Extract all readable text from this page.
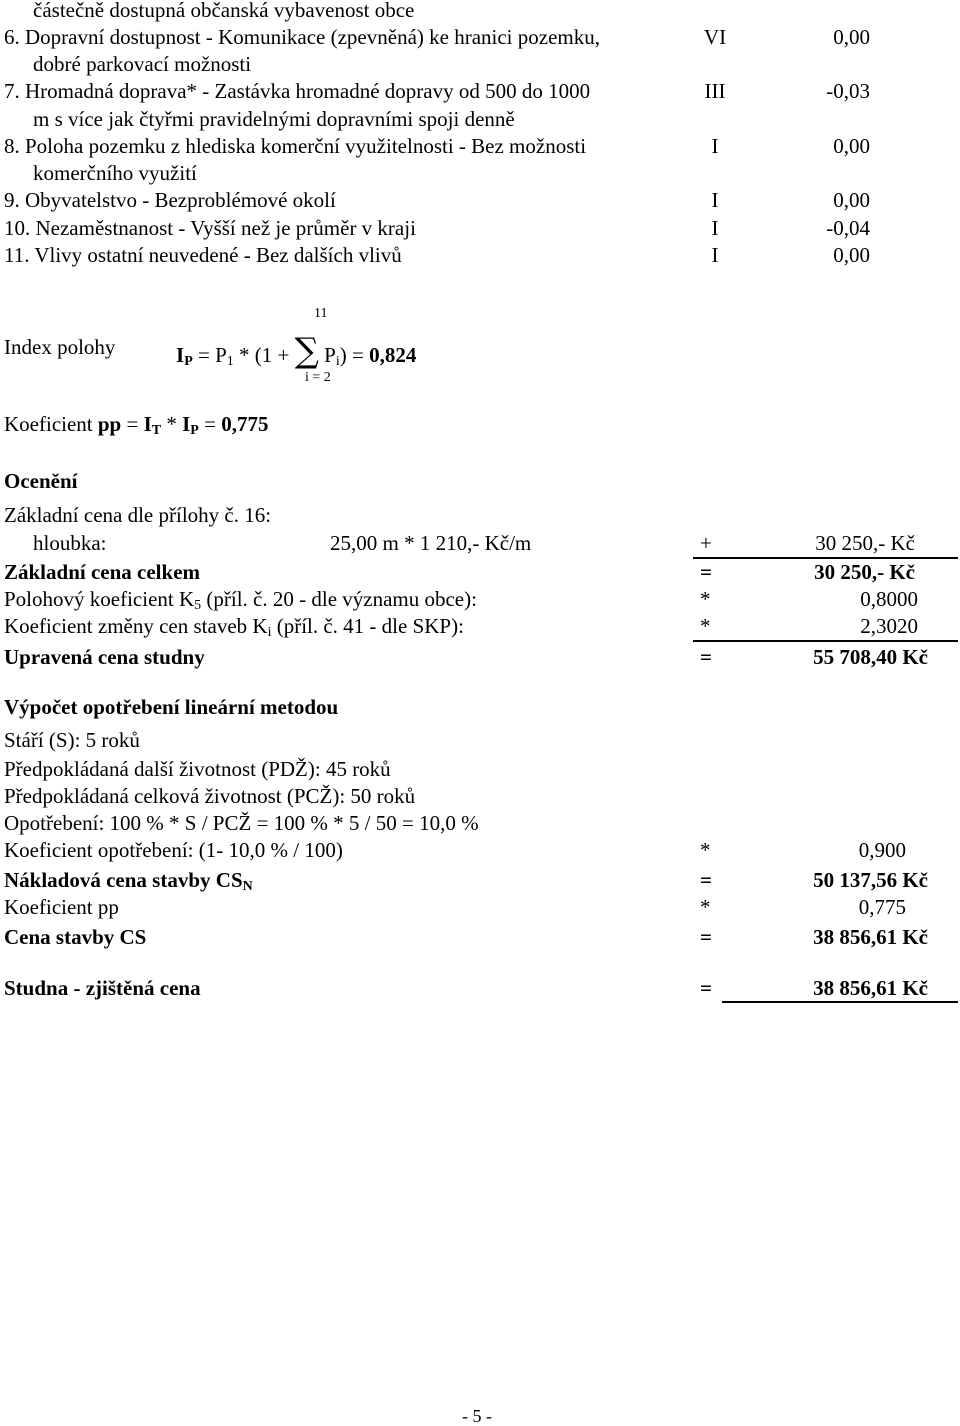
částečně dostupná občanská vybavenost obce
6. Dopravní dostupnost - Komunikace (zpevněná) ke hranici pozemku,
dobré parkovací možnosti
VI	0,00
7. Hromadná doprava* - Zastávka hromadné dopravy od 500 do 1000
m s více jak čtyřmi pravidelnými dopravními spoji denně
III	-0,03
8. Poloha pozemku z hlediska komerční využitelnosti - Bez možnosti
komerčního využití
I	0,00
9. Obyvatelstvo - Bezproblémové okolí	I	0,00
10. Nezaměstnanost - Vyšší než je průměr v kraji	I	-0,04
11. Vlivy ostatní neuvedené - Bez dalších vlivů	I	0,00
11
Index polohy	$I_P = P_1 * (1$ + ∑ $P_i) = 0,824$
i = 2
Koeficient pp = $I_T * I_P = 0,775$
Ocenění
Základní cena dle přílohy č. 16:
hloubka:	25,00 m * 1 210,- Kč/m	+	30 250,- Kč
Základní cena celkem	=	30 250,- Kč
Polohový koeficient $K_5$ (příl. č. 20 - dle významu obce):	*	0,8000
Koeficient změny cen staveb $K_i$ (příl. č. 41 - dle SKP):	*	2,3020
Upravená cena studny	=	55 708,40 Kč
Výpočet opotřebení lineární metodou
Stáří (S): 5 roků
Předpokládaná další životnost (PDŽ): 45 roků
Předpokládaná celková životnost (PCŽ): 50 roků
Opotřebení: 100 % * S / PCŽ = 100 % * 5 / 50 = 10,0 %
Koeficient opotřebení: (1- 10,0 % / 100)	*	0,900
Nákladová cena stavby $CS_N$	=	50 137,56 Kč
Koeficient pp	*	0,775
Cena stavby CS	=	38 856,61 Kč
Studna - zjištěná cena	=	38 856,61 Kč
- 5 -
